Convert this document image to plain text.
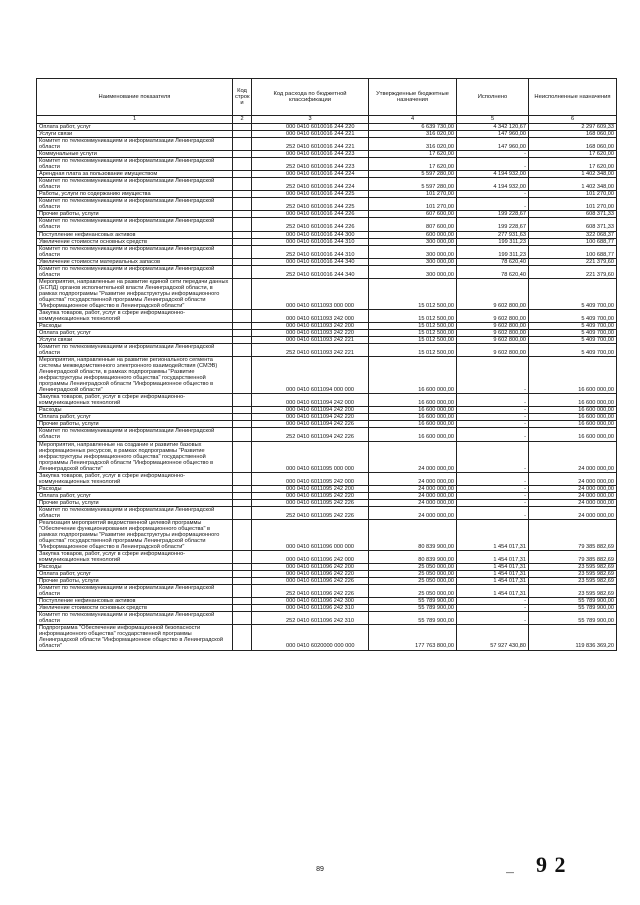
Наименование показателя	Код строк и	Код расхода по бюджетной классификации	Утвержденные бюджетные назначения	Исполнено	Неисполненные назначения
1	2	3	4	5	6
Оплата работ, услуг		000 0410 6010016 244 220	6 639 730,00	4 342 120,67	2 297 609,33
Услуги связи		000 0410 6010016 244 221	316 020,00	147 960,00	168 060,00
Комитет по телекоммуникациям и информатизации Ленинградской области		252 0410 6010016 244 221	316 020,00	147 960,00	168 060,00
Коммунальные услуги		000 0410 6010016 244 223	17 620,00	-	17 620,00
Комитет по телекоммуникациям и информатизации Ленинградской области		252 0410 6010016 244 223	17 620,00	-	17 620,00
Арендная плата за пользование имуществом		000 0410 6010016 244 224	5 597 280,00	4 194 932,00	1 402 348,00
Комитет по телекоммуникациям и информатизации Ленинградской области		252 0410 6010016 244 224	5 597 280,00	4 194 932,00	1 402 348,00
Работы, услуги по содержанию имущества		000 0410 6010016 244 225	101 270,00	-	101 270,00
Комитет по телекоммуникациям и информатизации Ленинградской области		252 0410 6010016 244 225	101 270,00	-	101 270,00
Прочие работы, услуги		000 0410 6010016 244 226	607 600,00	199 228,67	608 371,33
Комитет по телекоммуникациям и информатизации Ленинградской области		252 0410 6010016 244 226	807 600,00	199 228,67	608 371,33
Поступление нефинансовых активов		000 0410 6010016 244 300	600 000,00	277 931,63	322 068,37
Увеличение стоимости основных средств		000 0410 6010016 244 310	300 000,00	199 311,23	100 688,77
Комитет по телекоммуникациям и информатизации Ленинградской области		252 0410 6010016 244 310	300 000,00	199 311,23	100 688,77
Увеличение стоимости материальных запасов		000 0410 6010016 244 340	300 000,00	78 620,40	221 379,60
Комитет по телекоммуникациям и информатизации Ленинградской области		252 0410 6010016 244 340	300 000,00	78 620,40	221 379,60
Мероприятия, направленные на развитие единой сети передачи данных (ЕСПД) органов исполнительной власти Ленинградской области, в рамках подпрограммы "Развитие инфраструктуры информационного общества" государственной программы Ленинградской области "Информационное общество в Ленинградской области"		000 0410 6011093 000 000	15 012 500,00	9 602 800,00	5 409 700,00
Закупка товаров, работ, услуг в сфере информационно-коммуникационных технологий		000 0410 6011093 242 000	15 012 500,00	9 602 800,00	5 409 700,00
Расходы		000 0410 6011093 242 200	15 012 500,00	9 602 800,00	5 409 700,00
Оплата работ, услуг		000 0410 6011093 242 220	15 012 500,00	9 602 800,00	5 409 700,00
Услуги связи		000 0410 6011093 242 221	15 012 500,00	9 602 800,00	5 409 700,00
Комитет по телекоммуникациям и информатизации Ленинградской области		252 0410 6011093 242 221	15 012 500,00	9 602 800,00	5 409 700,00
Мероприятия, направленные на развитие регионального сегмента системы межведомственного электронного взаимодействия (СМЭВ) Ленинградской области, в рамках подпрограммы "Развитие инфраструктуры информационного общества" государственной программы Ленинградской области "Информационное общество в Ленинградской области"		000 0410 6011094 000 000	16 600 000,00	-	16 600 000,00
Закупка товаров, работ, услуг в сфере информационно-коммуникационных технологий		000 0410 6011094 242 000	16 600 000,00	-	16 600 000,00
Расходы		000 0410 6011094 242 200	16 600 000,00	-	16 600 000,00
Оплата работ, услуг		000 0410 6011094 242 220	16 600 000,00	-	16 600 000,00
Прочие работы, услуги		000 0410 6011094 242 226	16 600 000,00	-	16 600 000,00
Комитет по телекоммуникациям и информатизации Ленинградской области		252 0410 6011094 242 226	16 600 000,00	-	16 600 000,00
Мероприятия, направленные на создание и развитие базовых информационных ресурсов, в рамках подпрограммы "Развитие инфраструктуры информационного общества" государственной программы Ленинградской области "Информационное общество в Ленинградской области"		000 0410 6011095 000 000	24 000 000,00	-	24 000 000,00
Закупка товаров, работ, услуг в сфере информационно-коммуникационных технологий		000 0410 6011095 242 000	24 000 000,00	-	24 000 000,00
Расходы		000 0410 6011095 242 200	24 000 000,00	-	24 000 000,00
Оплата работ, услуг		000 0410 6011095 242 220	24 000 000,00	-	24 000 000,00
Прочие работы, услуги		000 0410 6011095 242 226	24 000 000,00	-	24 000 000,00
Комитет по телекоммуникациям и информатизации Ленинградской области		252 0410 6011095 242 226	24 000 000,00	-	24 000 000,00
Реализация мероприятий ведомственной целевой программы "Обеспечение функционирования информационного общества" в рамках подпрограммы "Развитие инфраструктуры информационного общества" государственной программы Ленинградской области "Информационное общество в Ленинградской области"		000 0410 6011096 000 000	80 839 900,00	1 454 017,31	79 385 882,69
Закупка товаров, работ, услуг в сфере информационно-коммуникационных технологий		000 0410 6011096 242 000	80 839 900,00	1 454 017,31	79 385 882,69
Расходы		000 0410 6011096 242 200	25 050 000,00	1 454 017,31	23 595 982,69
Оплата работ, услуг		000 0410 6011096 242 220	25 050 000,00	1 454 017,31	23 595 982,69
Прочие работы, услуги		000 0410 6011096 242 226	25 050 000,00	1 454 017,31	23 595 982,69
Комитет по телекоммуникациям и информатизации Ленинградской области		252 0410 6011096 242 226	25 050 000,00	1 454 017,31	23 595 982,69
Поступление нефинансовых активов		000 0410 6011096 242 300	55 789 900,00	-	55 789 900,00
Увеличение стоимости основных средств		000 0410 6011096 242 310	55 789 900,00	-	55 789 900,00
Комитет по телекоммуникациям и информатизации Ленинградской области		252 0410 6011096 242 310	55 789 900,00	-	55 789 900,00
Подпрограмма "Обеспечение информационной безопасности информационного общества" государственной программы Ленинградской области "Информационное общество в Ленинградской области"		000 0410 6020000 000 000	177 763 800,00	57 927 430,80	119 836 369,20
89	— 9 2
